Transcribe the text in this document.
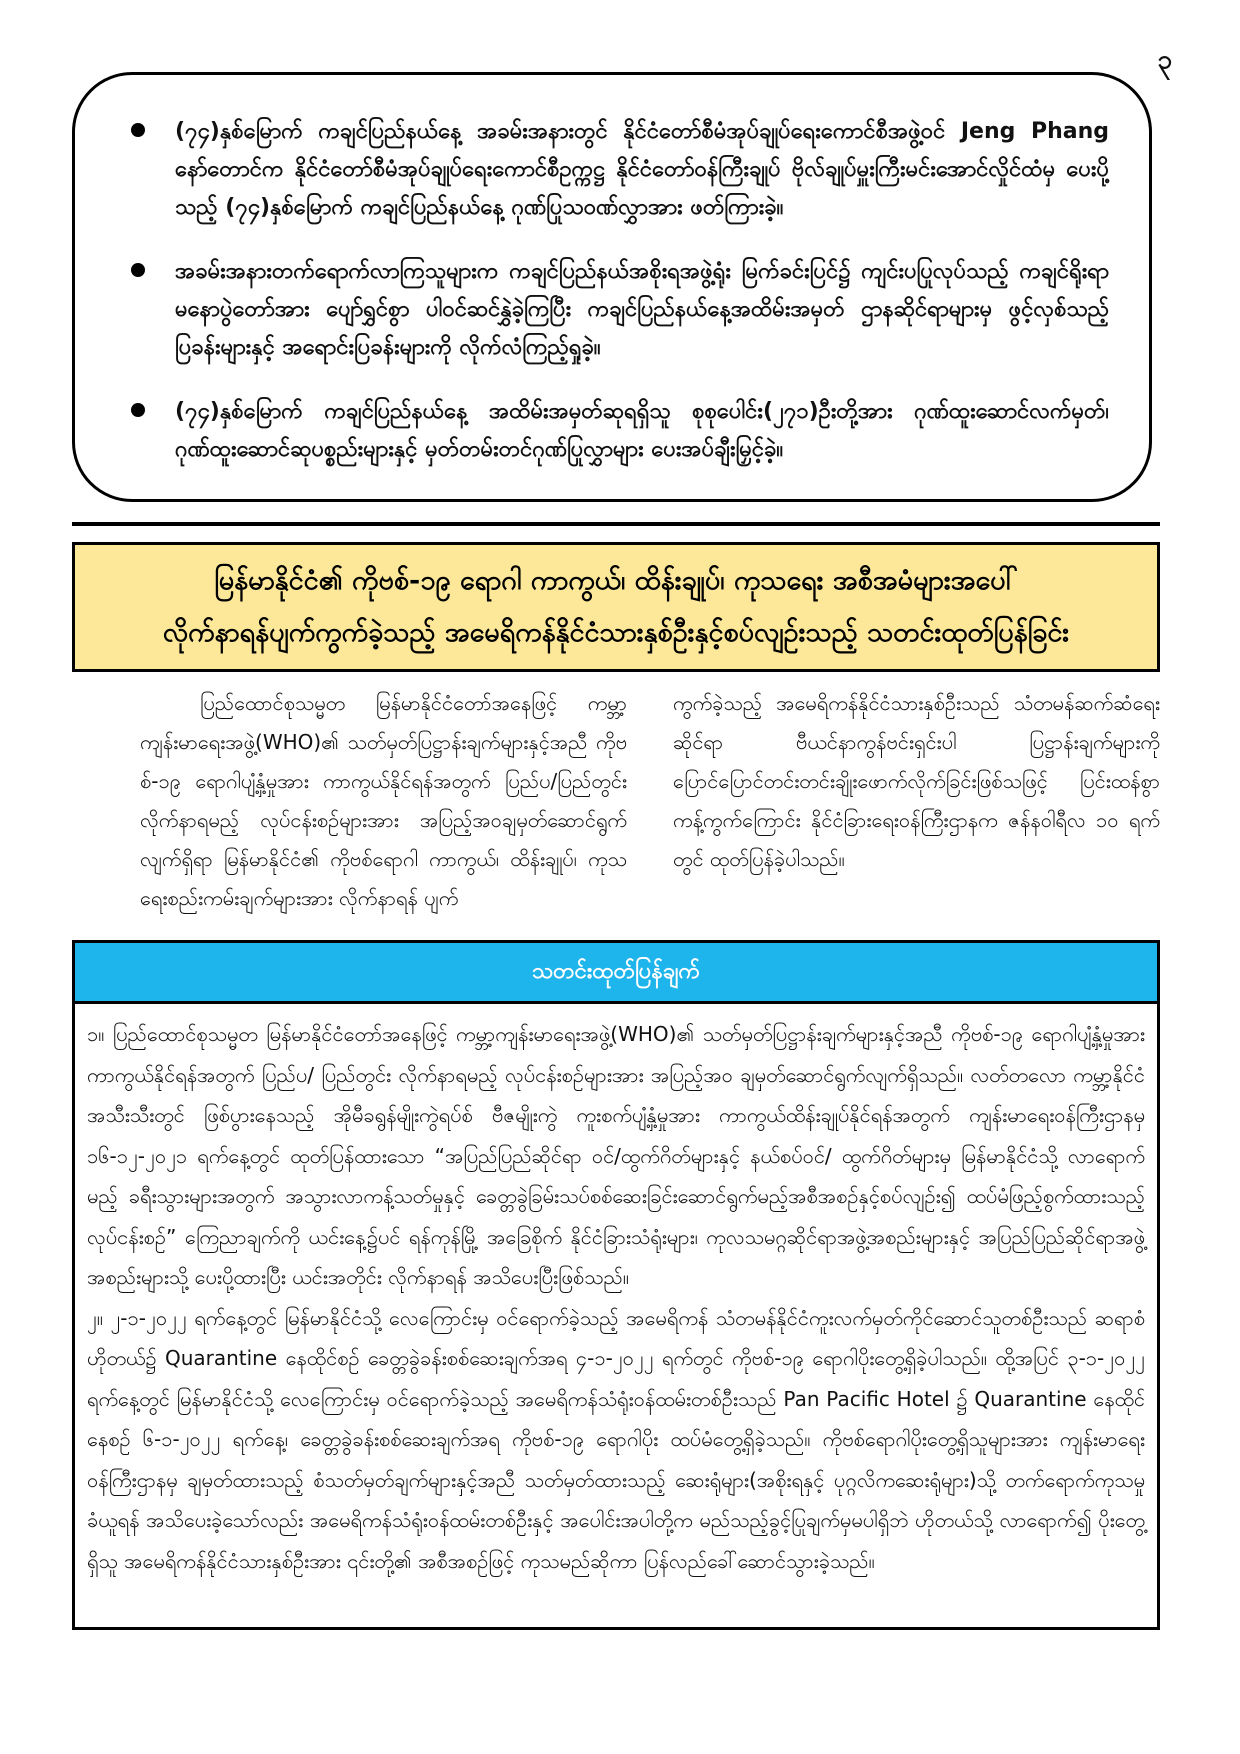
၃
(၇၄)နှစ်မြောက် ကချင်ပြည်နယ်နေ့ အခမ်းအနားတွင် နိုင်ငံတော်စီမံအုပ်ချုပ်ရေးကောင်စီအဖွဲ့ဝင် Jeng Phang နော်တောင်က နိုင်ငံတော်စီမံအုပ်ချုပ်ရေးကောင်စီဥက္ကဋ္ဌ နိုင်ငံတော်ဝန်ကြီးချုပ် ဗိုလ်ချုပ်မှူးကြီးမင်းအောင်လှိုင်ထံမှ ပေးပို့သည့် (၇၄)နှစ်မြောက် ကချင်ပြည်နယ်နေ့ ဂုဏ်ပြုသဝဏ်လွှာအား ဖတ်ကြားခဲ့။
အခမ်းအနားတက်ရောက်လာကြသူများက ကချင်ပြည်နယ်အစိုးရအဖွဲ့ရုံး မြက်ခင်းပြင်၌ ကျင်းပပြုလုပ်သည့် ကချင်ရိုးရာမနောပွဲတော်အား ပျော်ရွှင်စွာ ပါဝင်ဆင်နွှဲခဲ့ကြပြီး ကချင်ပြည်နယ်နေ့အထိမ်းအမှတ် ဌာနဆိုင်ရာများမှ ဖွင့်လှစ်သည့်ပြခန်းများနှင့် အရောင်းပြခန်းများကို လိုက်လံကြည့်ရှုခဲ့။
(၇၄)နှစ်မြောက် ကချင်ပြည်နယ်နေ့ အထိမ်းအမှတ်ဆုရရှိသူ စုစုပေါင်း(၂၇၁)ဦးတို့အား ဂုဏ်ထူးဆောင်လက်မှတ်၊ ဂုဏ်ထူးဆောင်ဆုပစ္စည်းများနှင့် မှတ်တမ်းတင်ဂုဏ်ပြုလွှာများ ပေးအပ်ချီးမြှင့်ခဲ့။
မြန်မာနိုင်ငံ၏ ကိုဗစ်-၁၉ ရောဂါ ကာကွယ်၊ ထိန်းချုပ်၊ ကုသရေး အစီအမံများအပေါ်
လိုက်နာရန်ပျက်ကွက်ခဲ့သည့် အမေရိကန်နိုင်ငံသားနှစ်ဦးနှင့်စပ်လျဉ်းသည့် သတင်းထုတ်ပြန်ခြင်း
ပြည်ထောင်စုသမ္မတ မြန်မာနိုင်ငံတော်အနေဖြင့် ကမ္ဘာ့ကျန်းမာရေးအဖွဲ့(WHO)၏ သတ်မှတ်ပြဋ္ဌာန်းချက်များနှင့်အညီ ကိုဗစ်-၁၉ ရောဂါပျံ့နှံ့မှုအား ကာကွယ်နိုင်ရန်အတွက် ပြည်ပ/ပြည်တွင်း လိုက်နာရမည့် လုပ်ငန်းစဉ်များအား အပြည့်အဝချမှတ်ဆောင်ရွက်လျက်ရှိရာ မြန်မာနိုင်ငံ၏ ကိုဗစ်ရောဂါ ကာကွယ်၊ ထိန်းချုပ်၊ ကုသရေးစည်းကမ်းချက်များအား လိုက်နာရန် ပျက်
ကွက်ခဲ့သည့် အမေရိကန်နိုင်ငံသားနှစ်ဦးသည် သံတမန်ဆက်ဆံရေးဆိုင်ရာ ဗီယင်နာကွန်ဗင်းရှင်းပါ ပြဋ္ဌာန်းချက်များကို ပြောင်ပြောင်တင်းတင်းချိုးဖောက်လိုက်ခြင်းဖြစ်သဖြင့် ပြင်းထန်စွာကန့်ကွက်ကြောင်း နိုင်ငံခြားရေးဝန်ကြီးဌာနက ဇန်နဝါရီလ ၁၀ ရက်တွင် ထုတ်ပြန်ခဲ့ပါသည်။
သတင်းထုတ်ပြန်ချက်

၁။ ပြည်ထောင်စုသမ္မတ မြန်မာနိုင်ငံတော်အနေဖြင့် ကမ္ဘာ့ကျန်းမာရေးအဖွဲ့(WHO)၏ သတ်မှတ်ပြဋ္ဌာန်းချက်များနှင့်အညီ ကိုဗစ်-၁၉ ရောဂါပျံ့နှံ့မှုအား ကာကွယ်နိုင်ရန်အတွက် ပြည်ပ/ ပြည်တွင်း လိုက်နာရမည့် လုပ်ငန်းစဉ်များအား အပြည့်အဝ ချမှတ်ဆောင်ရွက်လျက်ရှိသည်။ လတ်တလော ကမ္ဘာ့နိုင်ငံအသီးသီးတွင် ဖြစ်ပွားနေသည့် အိုမီခရွန်မျိုးကွဲရပ်စ် ဗီဇမျိုးကွဲ ကူးစက်ပျံ့နှံ့မှုအား ကာကွယ်ထိန်းချုပ်နိုင်ရန်အတွက် ကျန်းမာရေးဝန်ကြီးဌာနမှ ၁၆-၁၂-၂၀၂၁ ရက်နေ့တွင် ထုတ်ပြန်ထားသော “အပြည်ပြည်ဆိုင်ရာ ဝင်/ထွက်ဂိတ်များနှင့် နယ်စပ်ဝင်/ ထွက်ဂိတ်များမှ မြန်မာနိုင်ငံသို့ လာရောက်မည့် ခရီးသွားများအတွက် အသွားလာကန့်သတ်မှုနှင့် ခေတ္တခွဲခြမ်းသပ်စစ်ဆေးခြင်းဆောင်ရွက်မည့်အစီအစဉ်နှင့်စပ်လျဉ်း၍ ထပ်မံဖြည့်စွက်ထားသည့် လုပ်ငန်းစဉ်” ကြေညာချက်ကို ယင်းနေ့၌ပင် ရန်ကုန်မြို့ အခြေစိုက် နိုင်ငံခြားသံရုံးများ၊ ကုလသမဂ္ဂဆိုင်ရာအဖွဲ့အစည်းများနှင့် အပြည်ပြည်ဆိုင်ရာအဖွဲ့အစည်းများသို့ ပေးပို့ထားပြီး ယင်းအတိုင်း လိုက်နာရန် အသိပေးပြီးဖြစ်သည်။

၂။ ၂-၁-၂၀၂၂ ရက်နေ့တွင် မြန်မာနိုင်ငံသို့ လေကြောင်းမှ ဝင်ရောက်ခဲ့သည့် အမေရိကန် သံတမန်နိုင်ငံကူးလက်မှတ်ကိုင်ဆောင်သူတစ်ဦးသည် ဆရာစံဟိုတယ်၌ Quarantine နေထိုင်စဉ် ခေတ္တခွဲခန်းစစ်ဆေးချက်အရ ၄-၁-၂၀၂၂ ရက်တွင် ကိုဗစ်-၁၉ ရောဂါပိုးတွေ့ရှိခဲ့ပါသည်။ ထို့အပြင် ၃-၁-၂၀၂၂ ရက်နေ့တွင် မြန်မာနိုင်ငံသို့ လေကြောင်းမှ ဝင်ရောက်ခဲ့သည့် အမေရိကန်သံရုံးဝန်ထမ်းတစ်ဦးသည် Pan Pacific Hotel ၌ Quarantine နေထိုင်နေစဉ် ၆-၁-၂၀၂၂ ရက်နေ့၊ ခေတ္တခွဲခန်းစစ်ဆေးချက်အရ ကိုဗစ်-၁၉ ရောဂါပိုး ထပ်မံတွေ့ရှိခဲ့သည်။ ကိုဗစ်ရောဂါပိုးတွေ့ရှိသူများအား ကျန်းမာရေးဝန်ကြီးဌာနမှ ချမှတ်ထားသည့် စံသတ်မှတ်ချက်များနှင့်အညီ သတ်မှတ်ထားသည့် ဆေးရုံများ(အစိုးရနှင့် ပုဂ္ဂလိကဆေးရုံများ)သို့ တက်ရောက်ကုသမှုခံယူရန် အသိပေးခဲ့သော်လည်း အမေရိကန်သံရုံးဝန်ထမ်းတစ်ဦးနှင့် အပေါင်းအပါတို့က မည်သည့်ခွင့်ပြုချက်မှမပါရှိဘဲ ဟိုတယ်သို့ လာရောက်၍ ပိုးတွေ့ရှိသူ အမေရိကန်နိုင်ငံသားနှစ်ဦးအား ၎င်းတို့၏ အစီအစဉ်ဖြင့် ကုသမည်ဆိုကာ ပြန်လည်ခေါ်ဆောင်သွားခဲ့သည်။
